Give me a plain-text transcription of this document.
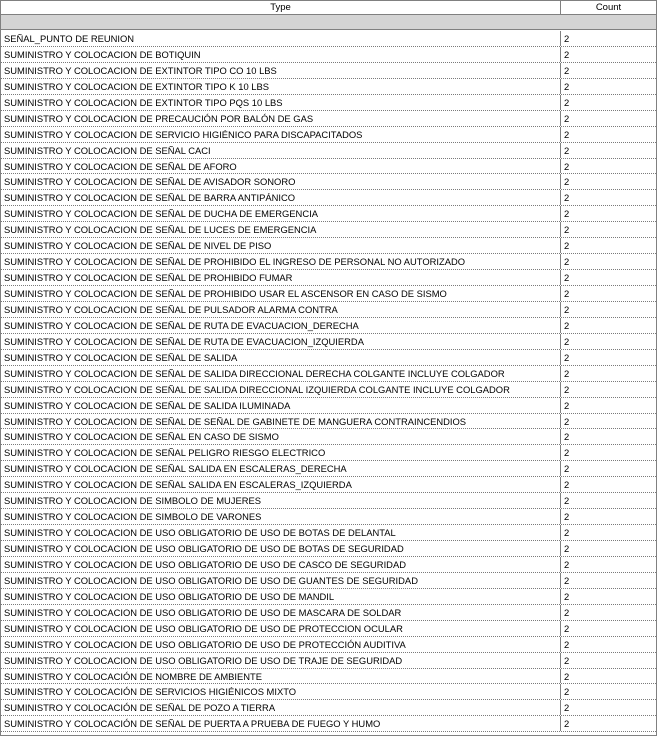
Type	Count
SEÑAL_PUNTO DE REUNION	2
SUMINISTRO Y COLOCACION DE BOTIQUIN	2
SUMINISTRO Y COLOCACION DE EXTINTOR TIPO CO 10 LBS	2
SUMINISTRO Y COLOCACION DE EXTINTOR TIPO K 10 LBS	2
SUMINISTRO Y COLOCACION DE EXTINTOR TIPO PQS 10 LBS	2
SUMINISTRO Y COLOCACION DE PRECAUCIÓN POR BALÓN DE GAS	2
SUMINISTRO Y COLOCACION DE SERVICIO HIGIÉNICO PARA DISCAPACITADOS	2
SUMINISTRO Y COLOCACION DE SEÑAL CACI	2
SUMINISTRO Y COLOCACION DE SEÑAL DE AFORO	2
SUMINISTRO Y COLOCACION DE SEÑAL DE AVISADOR SONORO	2
SUMINISTRO Y COLOCACION DE SEÑAL DE BARRA ANTIPÁNICO	2
SUMINISTRO Y COLOCACION DE SEÑAL DE DUCHA DE EMERGENCIA	2
SUMINISTRO Y COLOCACION DE SEÑAL DE LUCES DE EMERGENCIA	2
SUMINISTRO Y COLOCACION DE SEÑAL DE NIVEL DE PISO	2
SUMINISTRO Y COLOCACION DE SEÑAL DE PROHIBIDO EL INGRESO DE PERSONAL NO AUTORIZADO	2
SUMINISTRO Y COLOCACION DE SEÑAL DE PROHIBIDO FUMAR	2
SUMINISTRO Y COLOCACION DE SEÑAL DE PROHIBIDO USAR EL ASCENSOR EN CASO DE SISMO	2
SUMINISTRO Y COLOCACION DE SEÑAL DE PULSADOR ALARMA CONTRA	2
SUMINISTRO Y COLOCACION DE SEÑAL DE RUTA DE EVACUACION_DERECHA	2
SUMINISTRO Y COLOCACION DE SEÑAL DE RUTA DE EVACUACION_IZQUIERDA	2
SUMINISTRO Y COLOCACION DE SEÑAL DE SALIDA	2
SUMINISTRO Y COLOCACION DE SEÑAL DE SALIDA DIRECCIONAL DERECHA COLGANTE INCLUYE COLGADOR	2
SUMINISTRO Y COLOCACION DE SEÑAL DE SALIDA DIRECCIONAL IZQUIERDA COLGANTE INCLUYE COLGADOR	2
SUMINISTRO Y COLOCACION DE SEÑAL DE SALIDA ILUMINADA	2
SUMINISTRO Y COLOCACION DE SEÑAL DE SEÑAL DE GABINETE DE MANGUERA CONTRAINCENDIOS	2
SUMINISTRO Y COLOCACION DE SEÑAL EN CASO DE SISMO	2
SUMINISTRO Y COLOCACION DE SEÑAL PELIGRO RIESGO ELECTRICO	2
SUMINISTRO Y COLOCACION DE SEÑAL SALIDA EN ESCALERAS_DERECHA	2
SUMINISTRO Y COLOCACION DE SEÑAL SALIDA EN ESCALERAS_IZQUIERDA	2
SUMINISTRO Y COLOCACION DE SIMBOLO DE MUJERES	2
SUMINISTRO Y COLOCACION DE SIMBOLO DE VARONES	2
SUMINISTRO Y COLOCACION DE USO OBLIGATORIO DE USO DE BOTAS DE DELANTAL	2
SUMINISTRO Y COLOCACION DE USO OBLIGATORIO DE USO DE BOTAS DE SEGURIDAD	2
SUMINISTRO Y COLOCACION DE USO OBLIGATORIO DE USO DE CASCO DE SEGURIDAD	2
SUMINISTRO Y COLOCACION DE USO OBLIGATORIO DE USO DE GUANTES DE SEGURIDAD	2
SUMINISTRO Y COLOCACION DE USO OBLIGATORIO DE USO DE MANDIL	2
SUMINISTRO Y COLOCACION DE USO OBLIGATORIO DE USO DE MASCARA DE SOLDAR	2
SUMINISTRO Y COLOCACION DE USO OBLIGATORIO DE USO DE PROTECCION OCULAR	2
SUMINISTRO Y COLOCACION DE USO OBLIGATORIO DE USO DE PROTECCIÓN AUDITIVA	2
SUMINISTRO Y COLOCACION DE USO OBLIGATORIO DE USO DE TRAJE DE SEGURIDAD	2
SUMINISTRO Y COLOCACIÓN DE NOMBRE DE AMBIENTE	2
SUMINISTRO Y COLOCACIÓN DE SERVICIOS HIGIÉNICOS MIXTO	2
SUMINISTRO Y COLOCACIÓN DE SEÑAL DE POZO A TIERRA	2
SUMINISTRO Y COLOCACIÓN DE SEÑAL DE PUERTA A PRUEBA DE FUEGO Y HUMO	2
